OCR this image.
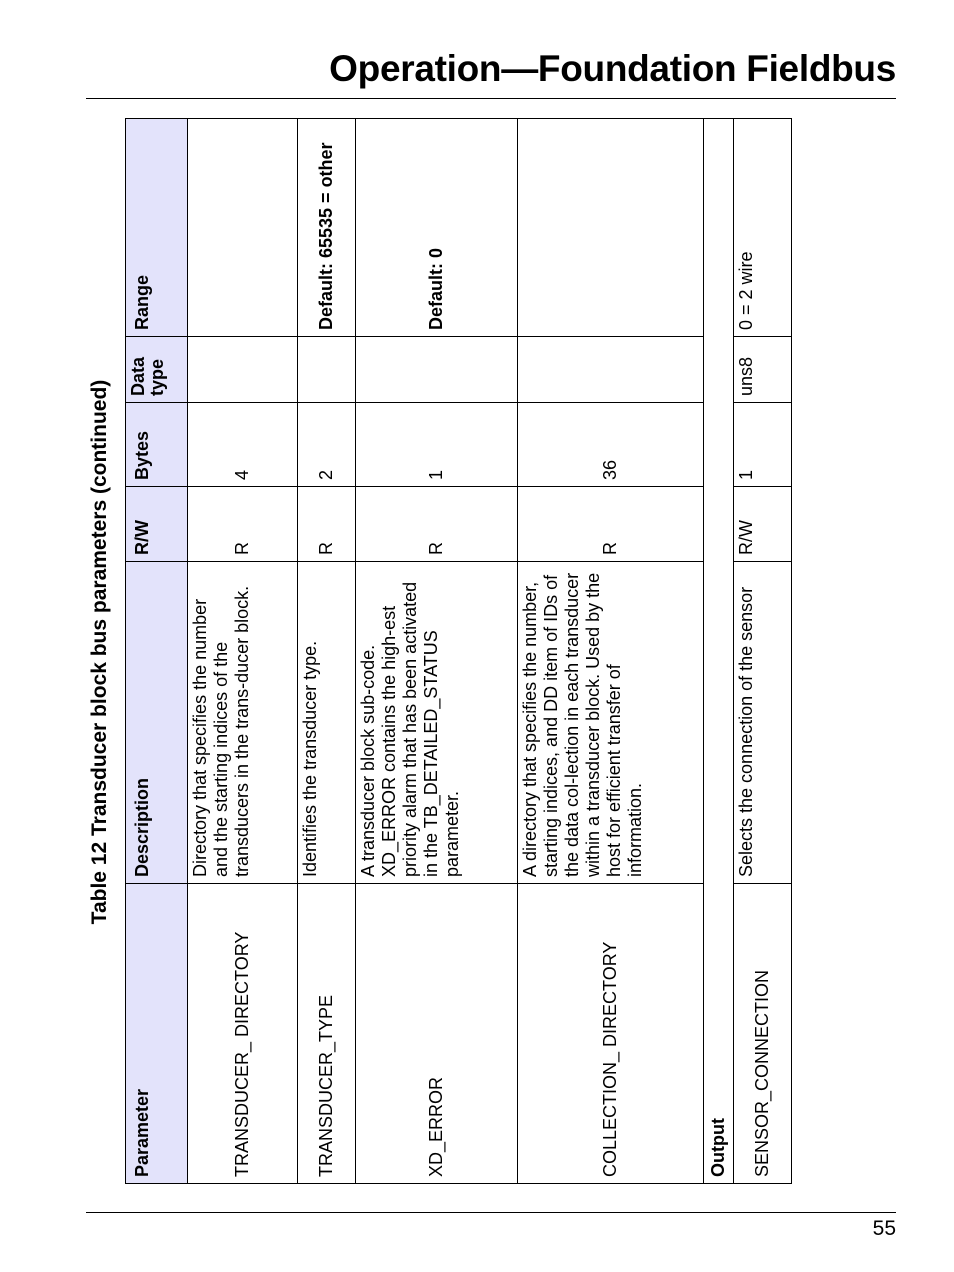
Operation—Foundation Fieldbus
Table 12 Transducer block bus parameters (continued)
Parameter	Description	R/W	Bytes	Data type	Range
TRANSDUCER_ DIRECTORY	Directory that specifies the number and the starting indices of the transducers in the trans-ducer block.	R	4		
TRANSDUCER_TYPE	Identifies the transducer type.	R	2		Default: 65535 = other
XD_ERROR	A transducer block sub-code. XD_ERROR contains the high-est priority alarm that has been activated in the TB_DETAILED_STATUS parameter.	R	1		Default: 0
COLLECTION_ DIRECTORY	A directory that specifies the number, starting indices, and DD item of IDs of the data col-lection in each transducer within a transducer block. Used by the host for efficient transfer of information.	R	36		
Output					
SENSOR_CONNECTION	Selects the connection of the sensor	R/W	1	uns8	0 = 2 wire
55
